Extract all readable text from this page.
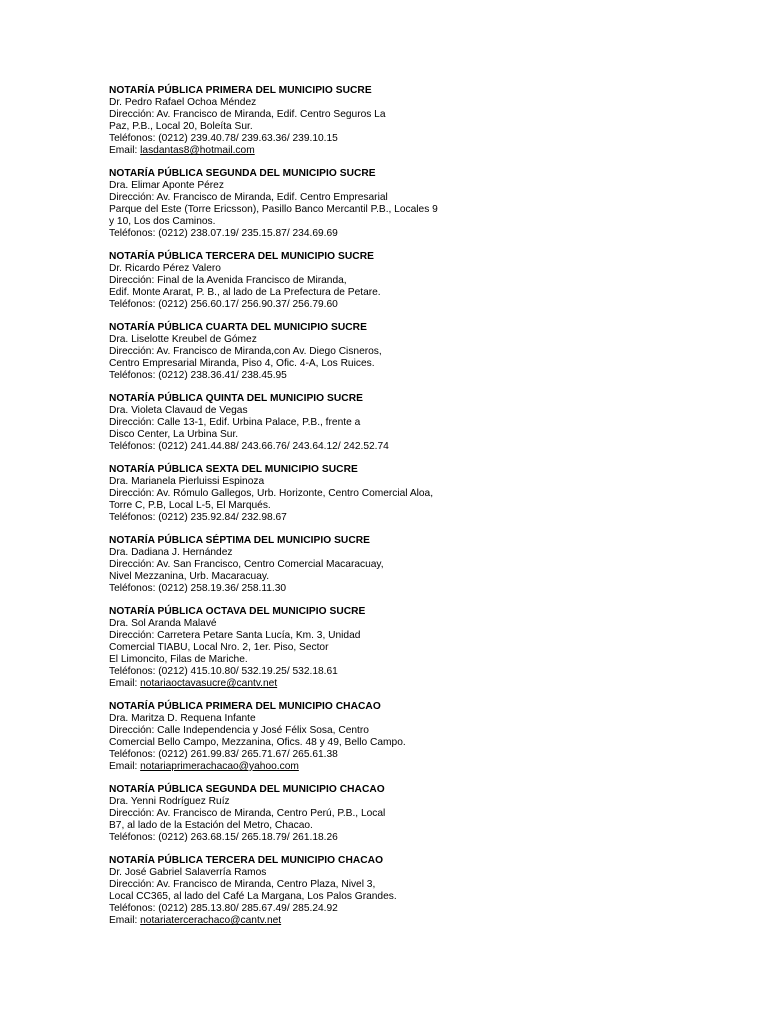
NOTARÍA PÚBLICA PRIMERA DEL MUNICIPIO SUCRE
Dr. Pedro Rafael Ochoa Méndez
Dirección: Av. Francisco de Miranda, Edif. Centro Seguros La
Paz, P.B., Local 20, Boleíta Sur.
Teléfonos: (0212) 239.40.78/ 239.63.36/ 239.10.15
Email: lasdantas8@hotmail.com
NOTARÍA PÚBLICA SEGUNDA DEL MUNICIPIO SUCRE
Dra. Elimar Aponte Pérez
Dirección: Av. Francisco de Miranda, Edif. Centro Empresarial
Parque del Este (Torre Ericsson), Pasillo Banco Mercantil P.B., Locales 9
y 10, Los dos Caminos.
Teléfonos: (0212) 238.07.19/ 235.15.87/ 234.69.69
NOTARÍA PÚBLICA TERCERA DEL MUNICIPIO SUCRE
Dr. Ricardo Pérez Valero
Dirección: Final de la Avenida Francisco de Miranda,
Edif. Monte Ararat, P. B., al lado de La Prefectura de Petare.
Teléfonos: (0212) 256.60.17/ 256.90.37/ 256.79.60
NOTARÍA PÚBLICA CUARTA DEL MUNICIPIO SUCRE
Dra. Liselotte Kreubel de Gómez
Dirección: Av. Francisco de Miranda,con Av. Diego Cisneros,
Centro Empresarial Miranda, Piso 4, Ofic. 4-A, Los Ruices.
Teléfonos: (0212) 238.36.41/ 238.45.95
NOTARÍA PÚBLICA QUINTA DEL MUNICIPIO SUCRE
Dra. Violeta Clavaud de Vegas
Dirección: Calle 13-1, Edif. Urbina Palace, P.B., frente a
Disco Center, La Urbina Sur.
Teléfonos: (0212) 241.44.88/ 243.66.76/ 243.64.12/ 242.52.74
NOTARÍA PÚBLICA SEXTA DEL MUNICIPIO SUCRE
Dra. Marianela Pierluissi Espinoza
Dirección: Av. Rómulo Gallegos, Urb. Horizonte, Centro Comercial Aloa,
Torre C, P.B, Local L-5, El Marqués.
Teléfonos: (0212) 235.92.84/ 232.98.67
NOTARÍA PÚBLICA SÉPTIMA DEL MUNICIPIO SUCRE
Dra. Dadiana J. Hernández
Dirección: Av. San Francisco, Centro Comercial Macaracuay,
Nivel Mezzanina, Urb. Macaracuay.
Teléfonos: (0212) 258.19.36/ 258.11.30
NOTARÍA PÚBLICA OCTAVA DEL MUNICIPIO SUCRE
Dra. Sol Aranda Malavé
Dirección: Carretera Petare Santa Lucía, Km. 3, Unidad
Comercial TIABU, Local Nro. 2, 1er. Piso, Sector
El Limoncito, Filas de Mariche.
Teléfonos: (0212) 415.10.80/ 532.19.25/ 532.18.61
Email: notariaoctavasucre@cantv.net
NOTARÍA PÚBLICA PRIMERA DEL MUNICIPIO CHACAO
Dra. Maritza D. Requena Infante
Dirección: Calle Independencia y José Félix Sosa, Centro
Comercial Bello Campo, Mezzanina, Ofics. 48 y 49, Bello Campo.
Teléfonos: (0212) 261.99.83/ 265.71.67/ 265.61.38
Email: notariaprimerachacao@yahoo.com
NOTARÍA PÚBLICA SEGUNDA DEL MUNICIPIO CHACAO
Dra. Yenni Rodríguez Ruíz
Dirección: Av. Francisco de Miranda, Centro Perú, P.B., Local
B7, al lado de la Estación del Metro, Chacao.
Teléfonos: (0212) 263.68.15/ 265.18.79/ 261.18.26
NOTARÍA PÚBLICA TERCERA DEL MUNICIPIO CHACAO
Dr. José Gabriel Salaverría Ramos
Dirección: Av. Francisco de Miranda, Centro Plaza, Nivel 3,
Local CC365, al lado del Café La Margana, Los Palos Grandes.
Teléfonos: (0212) 285.13.80/ 285.67.49/ 285.24.92
Email: notariatercerachaco@cantv.net
